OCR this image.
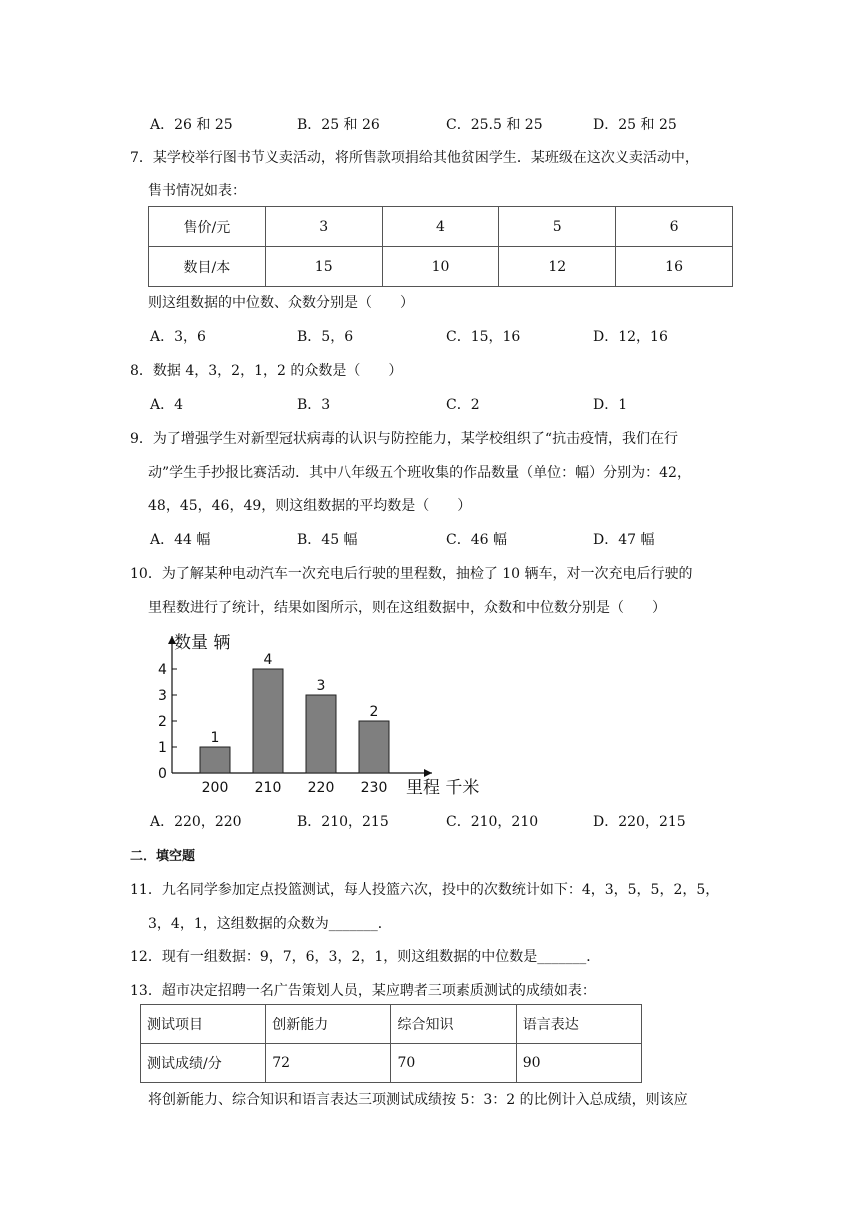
A．26 和 25	B．25 和 26	C．25.5 和 25	D．25 和 25
7．某学校举行图书节义卖活动，将所售款项捐给其他贫困学生．某班级在这次义卖活动中，
售书情况如表：
售价/元	3	4	5	6
数目/本	15	10	12	16
则这组数据的中位数、众数分别是（　　）
A．3，6	B．5，6	C．15，16	D．12，16
8．数据 4，3，2，1，2 的众数是（　　）
A．4	B．3	C．2	D．1
9．为了增强学生对新型冠状病毒的认识与防控能力，某学校组织了“抗击疫情，我们在行
动”学生手抄报比赛活动．其中八年级五个班收集的作品数量（单位：幅）分别为：42，
48，45，46，49，则这组数据的平均数是（　　）
A．44 幅	B．45 幅	C．46 幅	D．47 幅
10．为了解某种电动汽车一次充电后行驶的里程数，抽检了 10 辆车，对一次充电后行驶的
里程数进行了统计，结果如图所示，则在这组数据中，众数和中位数分别是（　　）
0
1
2
3
4
1
200
4
210
3
220
2
230
数量 辆
里程 千米
A．220，220	B．210，215	C．210，210	D．220，215
二．填空题
11．九名同学参加定点投篮测试，每人投篮六次，投中的次数统计如下：4，3，5，5，2，5，
3，4，1，这组数据的众数为_______．
12．现有一组数据：9，7，6，3，2，1，则这组数据的中位数是_______．
13．超市决定招聘一名广告策划人员，某应聘者三项素质测试的成绩如表：
测试项目	创新能力	综合知识	语言表达
测试成绩/分	72	70	90
将创新能力、综合知识和语言表达三项测试成绩按 5：3：2 的比例计入总成绩，则该应
